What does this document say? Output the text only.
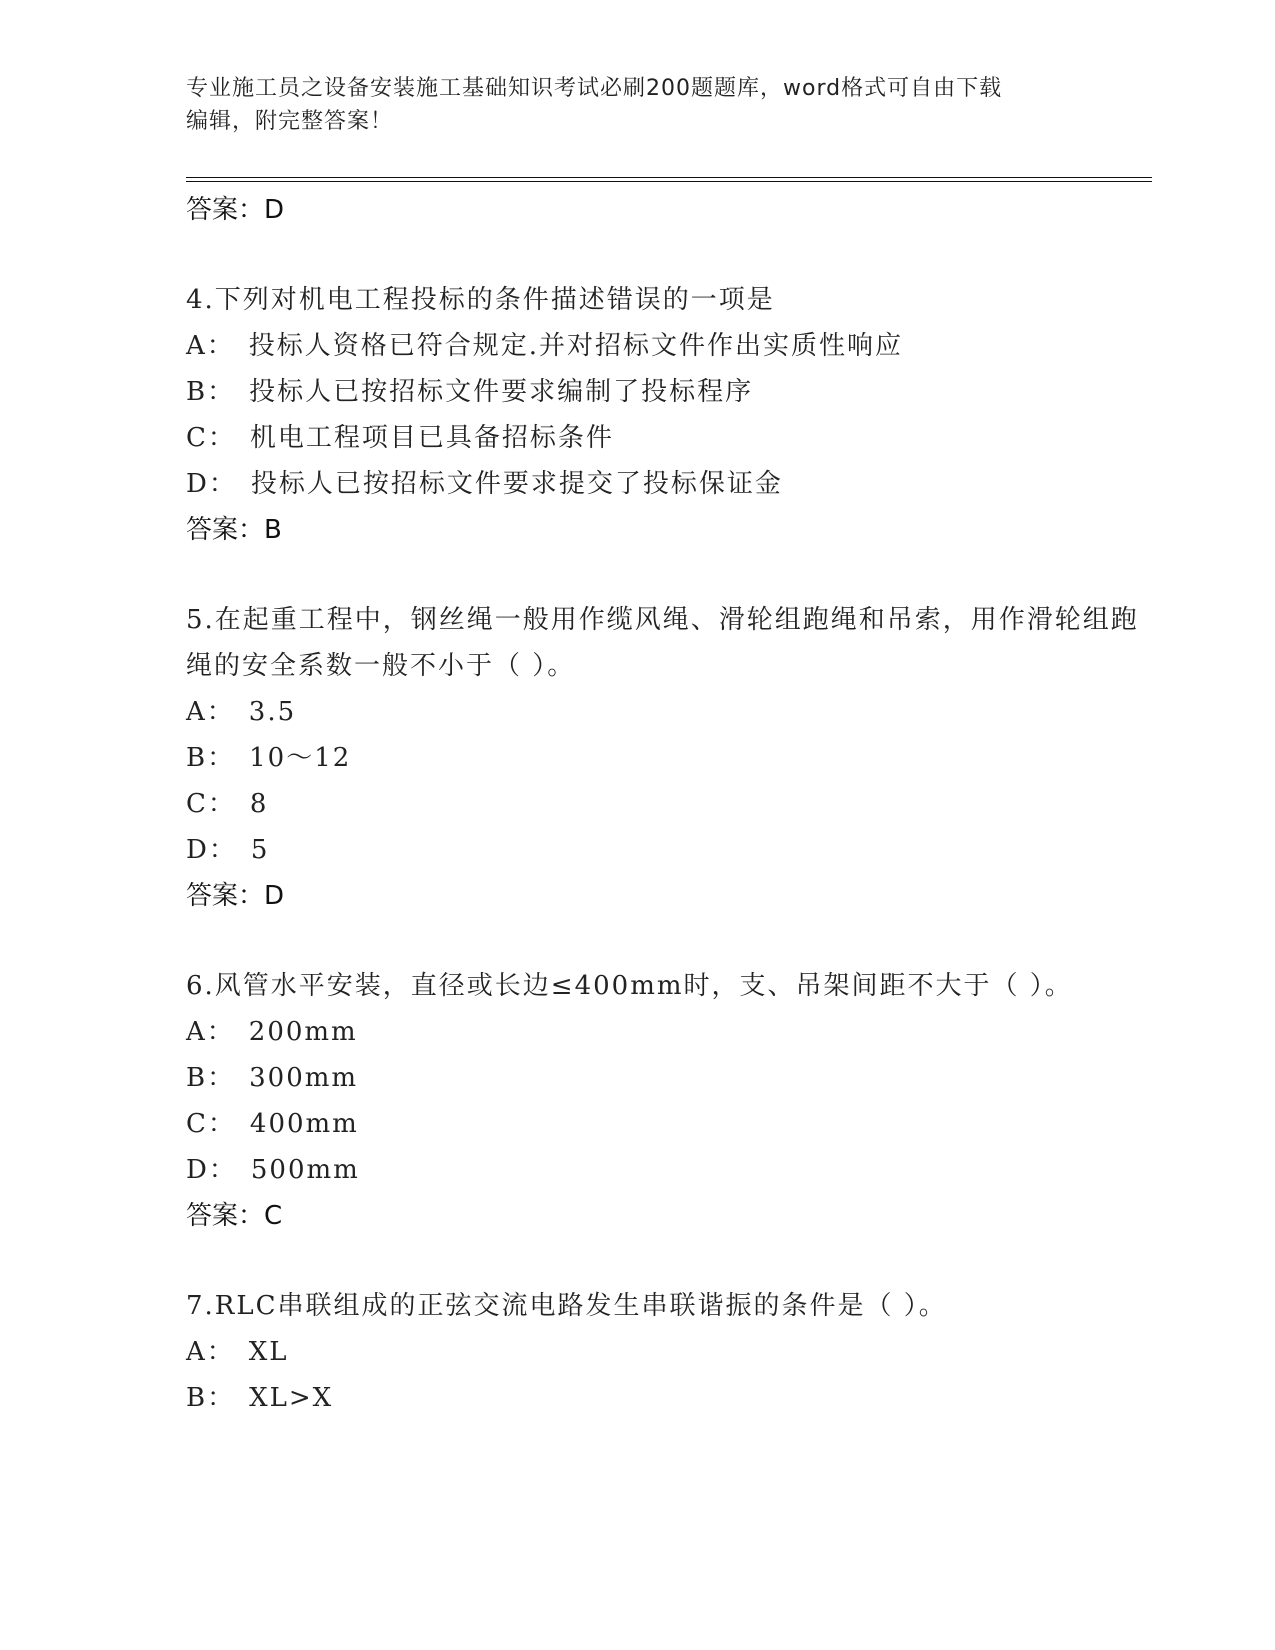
专业施工员之设备安装施工基础知识考试必刷200题题库，word格式可自由下载
编辑，附完整答案！
答案：D
4.下列对机电工程投标的条件描述错误的一项是
A： 投标人资格已符合规定.并对招标文件作出实质性响应
B： 投标人已按招标文件要求编制了投标程序
C： 机电工程项目已具备招标条件
D： 投标人已按招标文件要求提交了投标保证金
答案：B
5.在起重工程中，钢丝绳一般用作缆风绳、滑轮组跑绳和吊索，用作滑轮组跑绳的安全系数一般不小于（ ）。
A： 3.5
B： 10～12
C： 8
D： 5
答案：D
6.风管水平安装，直径或长边≤400mm时，支、吊架间距不大于（ ）。
A： 200mm
B： 300mm
C： 400mm
D： 500mm
答案：C
7.RLC串联组成的正弦交流电路发生串联谐振的条件是（ ）。
A： XL
B： XL>X
